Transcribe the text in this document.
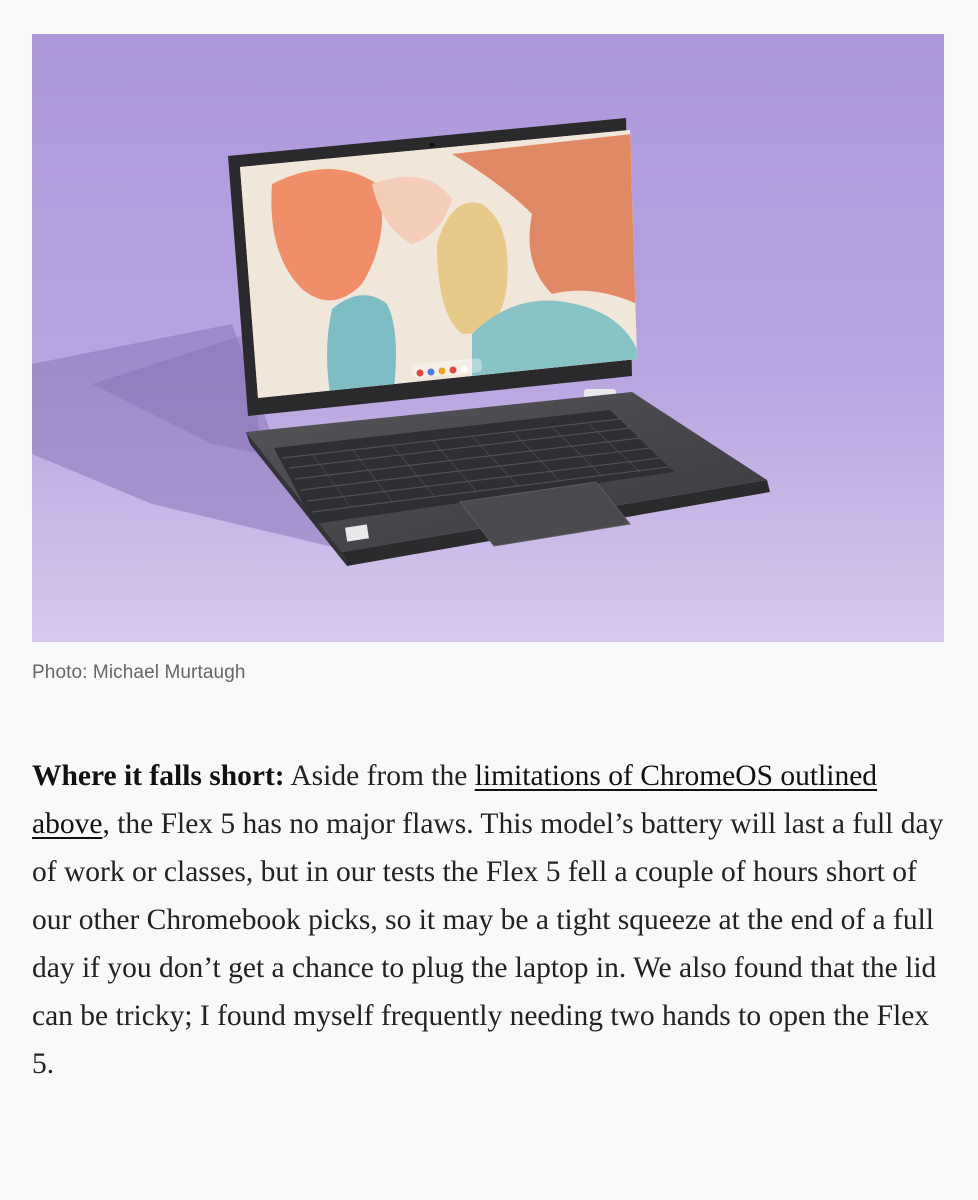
Photo: Michael Murtaugh

Where it falls short: Aside from the limitations of ChromeOS outlined above, the Flex 5 has no major flaws. This model’s battery will last a full day of work or classes, but in our tests the Flex 5 fell a couple of hours short of our other Chromebook picks, so it may be a tight squeeze at the end of a full day if you don’t get a chance to plug the laptop in. We also found that the lid can be tricky; I found myself frequently needing two hands to open the Flex 5.
